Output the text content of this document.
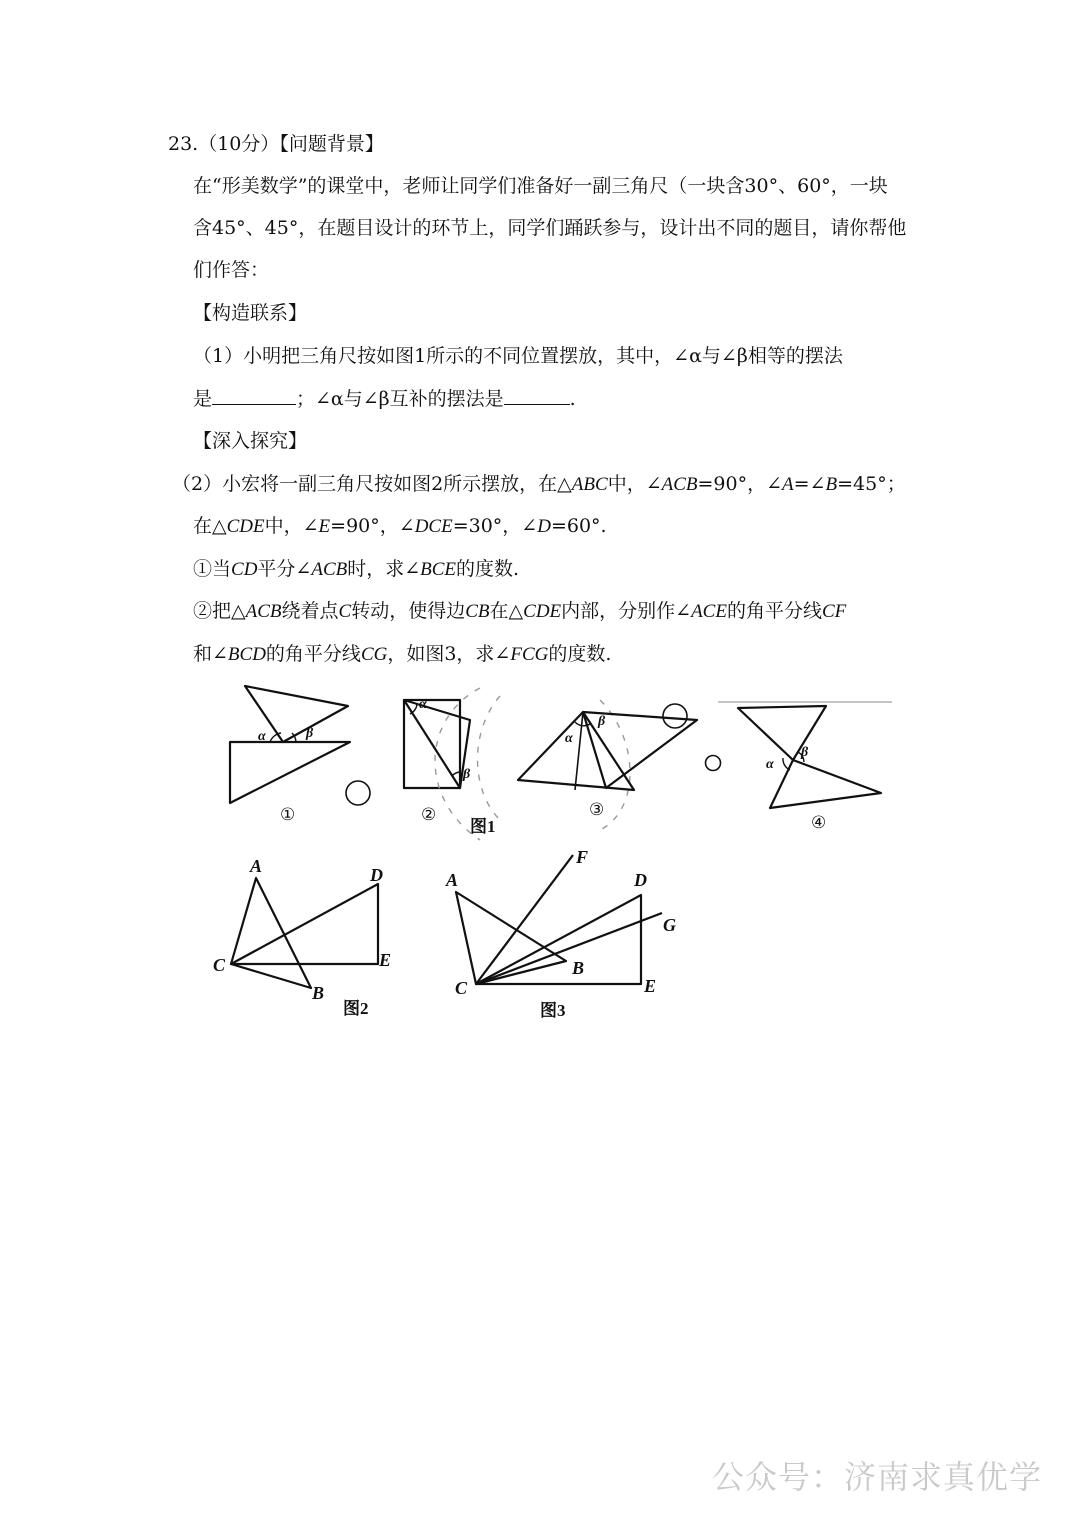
23.（10分）【问题背景】
在“形美数学”的课堂中，老师让同学们准备好一副三角尺（一块含30°、60°，一块
含45°、45°，在题目设计的环节上，同学们踊跃参与，设计出不同的题目，请你帮他
们作答：
【构造联系】
（1）小明把三角尺按如图1所示的不同位置摆放，其中，∠α与∠β相等的摆法
是	；∠α与∠β互补的摆法是	.
【深入探究】
（2）小宏将一副三角尺按如图2所示摆放，在△ABC中，∠ACB=90°，∠A=∠B=45°；
在△CDE中，∠E=90°，∠DCE=30°，∠D=60°.
①当CD平分∠ACB时，求∠BCE的度数.
②把△ACB绕着点C转动，使得边CB在△CDE内部，分别作∠ACE的角平分线CF
和∠BCD的角平分线CG，如图3，求∠FCG的度数.
α	β
α
β
α
β
α
β
①	②	③
④
图1
A
C
B
D
E
图2
A
C
B
F
D
G
E
图3
公众号：济南求真优学
